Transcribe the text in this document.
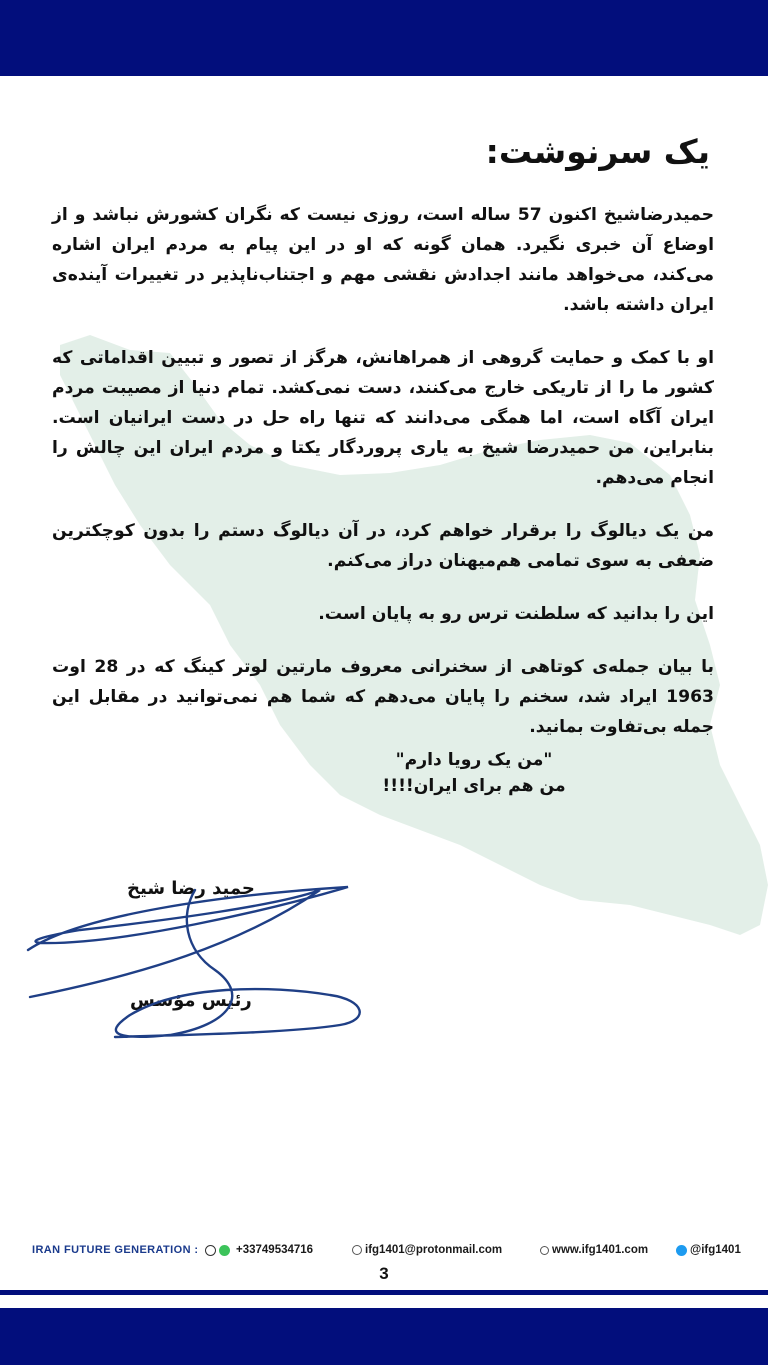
یک سرنوشت:

حمیدرضاشیخ اکنون 57 ساله است، روزی نیست که نگران کشورش نباشد و از اوضاع آن خبری نگیرد. همان گونه که او در این پیام به مردم ایران اشاره می‌کند، می‌خواهد مانند اجدادش نقشی مهم و اجتناب‌ناپذیر در تغییرات آینده‌ی ایران داشته باشد.

او با کمک و حمایت گروهی از همراهانش، هرگز از تصور و تبیین اقداماتی که کشور ما را از تاریکی خارج می‌کنند، دست نمی‌کشد. تمام دنیا از مصیبت مردم ایران آگاه است، اما همگی می‌دانند که تنها راه حل در دست ایرانیان است. بنابراین، من حمیدرضا شیخ به یاری پروردگار یکتا و مردم ایران این چالش را انجام می‌دهم.

من یک دیالوگ را برقرار خواهم کرد، در آن دیالوگ دستم را بدون کوچکترین ضعفی به سوی تمامی هم‌میهنان دراز می‌کنم.

این را بدانید که سلطنت ترس رو به پایان است.

با بیان جمله‌ی کوتاهی از سخنرانی معروف مارتین لوتر کینگ که در 28 اوت 1963 ایراد شد، سخنم را پایان می‌دهم که شما هم نمی‌توانید در مقابل این جمله بی‌تفاوت بمانید.

"من یک رویا دارم"

من هم برای ایران!!!!

حمید رضا شیخ
رئیس مؤسس
IRAN FUTURE GENERATION :	+33749534716	ifg1401@protonmail.com	www.ifg1401.com	@ifg1401
3
